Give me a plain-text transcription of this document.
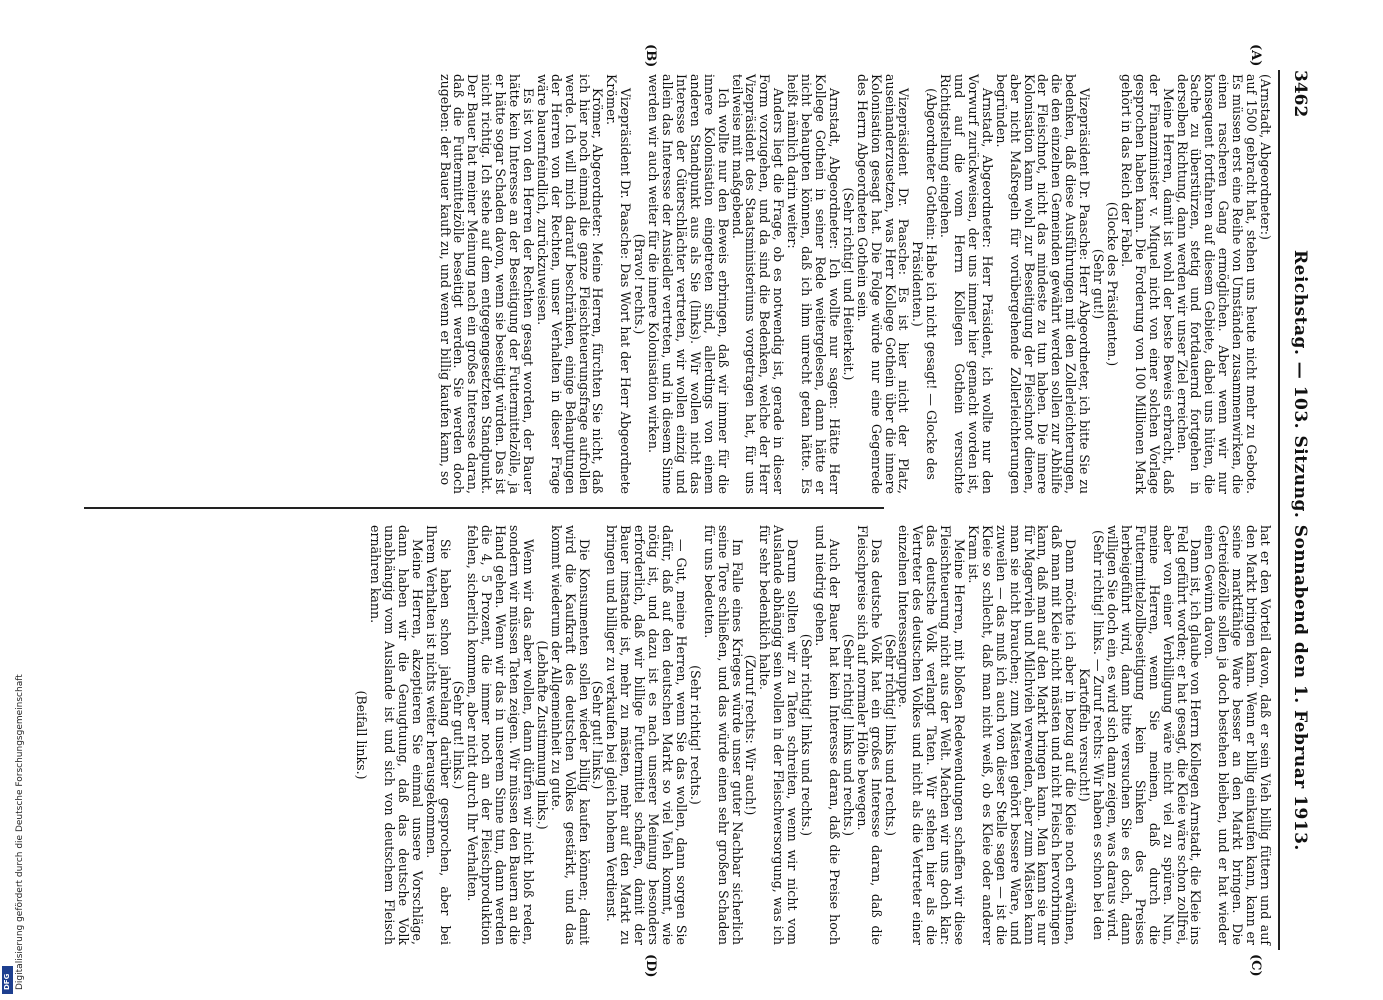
3462
Reichstag. — 103. Sitzung. Sonnabend den 1. Februar 1913.
(A)
(B)
(C)
(D)

(Arnstadt, Abgeordneter:)

auf 1500 gebracht hat, stehen uns heute nicht mehr zu Gebote. Es müssen erst eine Reihe von Umständen zusammenwirken, die einen rascheren Gang ermöglichen. Aber wenn wir nur konsequent fortfahren auf diesem Gebiete, dabei uns hüten, die Sache zu überstürzen, stetig und fortdauernd fortgehen in derselben Richtung, dann werden wir unser Ziel erreichen.

Meine Herren, damit ist wohl der beste Beweis erbracht, daß der Finanzminister v. Miquel nicht von einer solchen Vorlage gesprochen haben kann. Die Forderung von 100 Millionen Mark gehört in das Reich der Fabel.

(Glocke des Präsidenten.)

(Sehr gut!)

Vizepräsident Dr. Paasche: Herr Abgeordneter, ich bitte Sie zu bedenken, daß diese Ausführungen mit den Zollerleichterungen, die den einzelnen Gemeinden gewährt werden sollen zur Abhilfe der Fleischnot, nicht das mindeste zu tun haben. Die innere Kolonisation kann wohl zur Beseitigung der Fleischnot dienen, aber nicht Maßregeln für vorübergehende Zollerleichterungen begründen.

Arnstadt, Abgeordneter: Herr Präsident, ich wollte nur den Vorwurf zurückweisen, der uns immer hier gemacht worden ist, und auf die vom Herrn Kollegen Gothein versuchte Richtigstellung eingehen.

(Abgeordneter Gothein: Habe ich nicht gesagt! — Glocke des Präsidenten.)

Vizepräsident Dr. Paasche: Es ist hier nicht der Platz, auseinanderzusetzen, was Herr Kollege Gothein über die innere Kolonisation gesagt hat. Die Folge würde nur eine Gegenrede des Herrn Abgeordneten Gothein sein.

(Sehr richtig! und Heiterkeit.)

Arnstadt, Abgeordneter: Ich wollte nur sagen: Hätte Herr Kollege Gothein in seiner Rede weitergelesen, dann hätte er nicht behaupten können, daß ich ihm unrecht getan hätte. Es heißt nämlich darin weiter:

Anders liegt die Frage, ob es notwendig ist, gerade in dieser Form vorzugehen, und da sind die Bedenken, welche der Herr Vizepräsident des Staatsministeriums vorgetragen hat, für uns teilweise mit maßgebend.

Ich wollte nur den Beweis erbringen, daß wir immer für die innere Kolonisation eingetreten sind, allerdings von einem anderen Standpunkt aus als Sie (links). Wir wollen nicht das Interesse der Güterschlächter vertreten, wir wollen einzig und allein das Interesse der Ansiedler vertreten, und in diesem Sinne werden wir auch weiter für die innere Kolonisation wirken.

(Bravo! rechts.)

Vizepräsident Dr. Paasche: Das Wort hat der Herr Abgeordnete Krömer.

Krömer, Abgeordneter: Meine Herren, fürchten Sie nicht, daß ich hier noch einmal die ganze Fleischteuerungsfrage aufrollen werde. Ich will mich darauf beschränken, einige Behauptungen der Herren von der Rechten, unser Verhalten in dieser Frage wäre bauernfeindlich, zurückzuweisen.

Es ist von den Herren der Rechten gesagt worden, der Bauer hätte kein Interesse an der Beseitigung der Futtermittelzölle, ja er hätte sogar Schaden davon, wenn sie beseitigt würden. Das ist nicht richtig. Ich stehe auf dem entgegengesetzten Standpunkt. Der Bauer hat meiner Meinung nach ein großes Interesse daran, daß die Futtermittelzölle beseitigt werden. Sie werden doch zugeben: der Bauer kauft zu, und wenn er billig kaufen kann, so

hat er den Vorteil davon, daß er sein Vieh billig füttern und auf den Markt bringen kann. Wenn er billig einkaufen kann, kann er seine marktfähige Ware besser an den Markt bringen. Die Getreidezölle sollen ja doch bestehen bleiben, und er hat wieder einen Gewinn davon.

Dann ist, ich glaube von Herrn Kollegen Arnstadt, die Kleie ins Feld geführt worden; er hat gesagt, die Kleie wäre schon zollfrei, aber von einer Verbilligung wäre nicht viel zu spüren. Nun, meine Herren, wenn Sie meinen, daß durch die Futtermittelzollbeseitigung kein Sinken des Preises herbeigeführt wird, dann bitte versuchen Sie es doch, dann willigen Sie doch ein, es wird sich dann zeigen, was daraus wird.

(Sehr richtig! links. — Zuruf rechts: Wir haben es schon bei den Kartoffeln versucht!)

Dann möchte ich aber in bezug auf die Kleie noch erwähnen, daß man mit Kleie nicht mästen und nicht Fleisch hervorbringen kann, daß man auf den Markt bringen kann. Man kann sie nur für Magervieh und Milchvieh verwenden, aber zum Mästen kann man sie nicht brauchen; zum Mästen gehört bessere Ware, und zuweilen — das muß ich auch von dieser Stelle sagen — ist die Kleie so schlecht, daß man nicht weiß, ob es Kleie oder anderer Kram ist.

Meine Herren, mit bloßen Redewendungen schaffen wir diese Fleischteuerung nicht aus der Welt. Machen wir uns doch klar: das deutsche Volk verlangt Taten. Wir stehen hier als die Vertreter des deutschen Volkes und nicht als die Vertreter einer einzelnen Interessengruppe.

(Sehr richtig! links und rechts.)

Das deutsche Volk hat ein großes Interesse daran, daß die Fleischpreise sich auf normaler Höhe bewegen.

(Sehr richtig! links und rechts.)

Auch der Bauer hat kein Interesse daran, daß die Preise hoch und niedrig gehen.

(Sehr richtig! links und rechts.)

Darum sollten wir zu Taten schreiten, wenn wir nicht vom Auslande abhängig sein wollen in der Fleischversorgung, was ich für sehr bedenklich halte.

(Zuruf rechts: Wir auch!)

Im Falle eines Krieges würde unser guter Nachbar sicherlich seine Tore schließen, und das würde einen sehr großen Schaden für uns bedeuten.

(Sehr richtig! rechts.)

— Gut, meine Herren, wenn Sie das wollen, dann sorgen Sie dafür, daß auf den deutschen Markt so viel Vieh kommt, wie nötig ist, und dazu ist es nach unserer Meinung besonders erforderlich, daß wir billige Futtermittel schaffen, damit der Bauer imstande ist, mehr zu mästen, mehr auf den Markt zu bringen und billiger zu verkaufen bei gleich hohem Verdienst.

(Sehr gut! links.)

Die Konsumenten sollen wieder billig kaufen können; damit wird die Kaufkraft des deutschen Volkes gestärkt, und das kommt wiederum der Allgemeinheit zu gute.

(Lebhafte Zustimmung links.)

Wenn wir das aber wollen, dann dürfen wir nicht bloß reden, sondern wir müssen Taten zeigen. Wir müssen den Bauern an die Hand gehen. Wenn wir das in unserem Sinne tun, dann werden die 4, 5 Prozent, die immer noch an der Fleischproduktion fehlen, sicherlich kommen, aber nicht durch Ihr Verhalten.

(Sehr gut! links.)

Sie haben schon jahrelang darüber gesprochen, aber bei Ihrem Verhalten ist nichts weiter herausgekommen.

Meine Herren, akzeptieren Sie einmal unsere Vorschläge, dann haben wir die Genugtuung, daß das deutsche Volk unabhängig vom Auslande ist und sich von deutschem Fleisch ernähren kann.

(Beifall links.)

Digitalisierung gefördert durch die Deutsche Forschungsgemeinschaft
DFG
